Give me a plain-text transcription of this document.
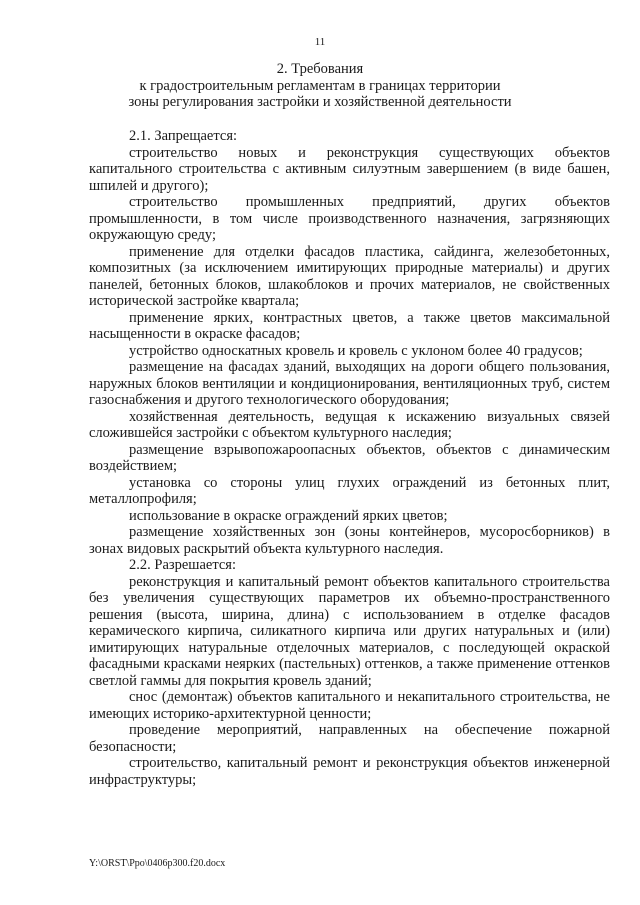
11
2. Требования
к градостроительным регламентам в границах территории
зоны регулирования застройки и хозяйственной деятельности

2.1. Запрещается:

строительство новых и реконструкция существующих объектов капитального строительства с активным силуэтным завершением (в виде башен, шпилей и другого);

строительство промышленных предприятий, других объектов промышленности, в том числе производственного назначения, загрязняющих окружающую среду;

применение для отделки фасадов пластика, сайдинга, железобетонных, композитных (за исключением имитирующих природные материалы) и других панелей, бетонных блоков, шлакоблоков и прочих материалов, не свойственных исторической застройке квартала;

применение ярких, контрастных цветов, а также цветов максимальной насыщенности в окраске фасадов;

устройство односкатных кровель и кровель с уклоном более 40 градусов;

размещение на фасадах зданий, выходящих на дороги общего пользования, наружных блоков вентиляции и кондиционирования, вентиляционных труб, систем газоснабжения и другого технологического оборудования;

хозяйственная деятельность, ведущая к искажению визуальных связей сложившейся застройки с объектом культурного наследия;

размещение взрывопожароопасных объектов, объектов с динамическим воздействием;

установка со стороны улиц глухих ограждений из бетонных плит, металлопрофиля;

использование в окраске ограждений ярких цветов;

размещение хозяйственных зон (зоны контейнеров, мусоросборников) в зонах видовых раскрытий объекта культурного наследия.

2.2. Разрешается:

реконструкция и капитальный ремонт объектов капитального строительства без увеличения существующих параметров их объемно-пространственного решения (высота, ширина, длина) с использованием в отделке фасадов керамического кирпича, силикатного кирпича или других натуральных и (или) имитирующих натуральные отделочных материалов, с последующей окраской фасадными красками неярких (пастельных) оттенков, а также применение оттенков светлой гаммы для покрытия кровель зданий;

снос (демонтаж) объектов капитального и некапитального строительства, не имеющих историко-архитектурной ценности;

проведение мероприятий, направленных на обеспечение пожарной безопасности;

строительство, капитальный ремонт и реконструкция объектов инженерной инфраструктуры;

Y:\ORST\Ppo\0406p300.f20.docx
